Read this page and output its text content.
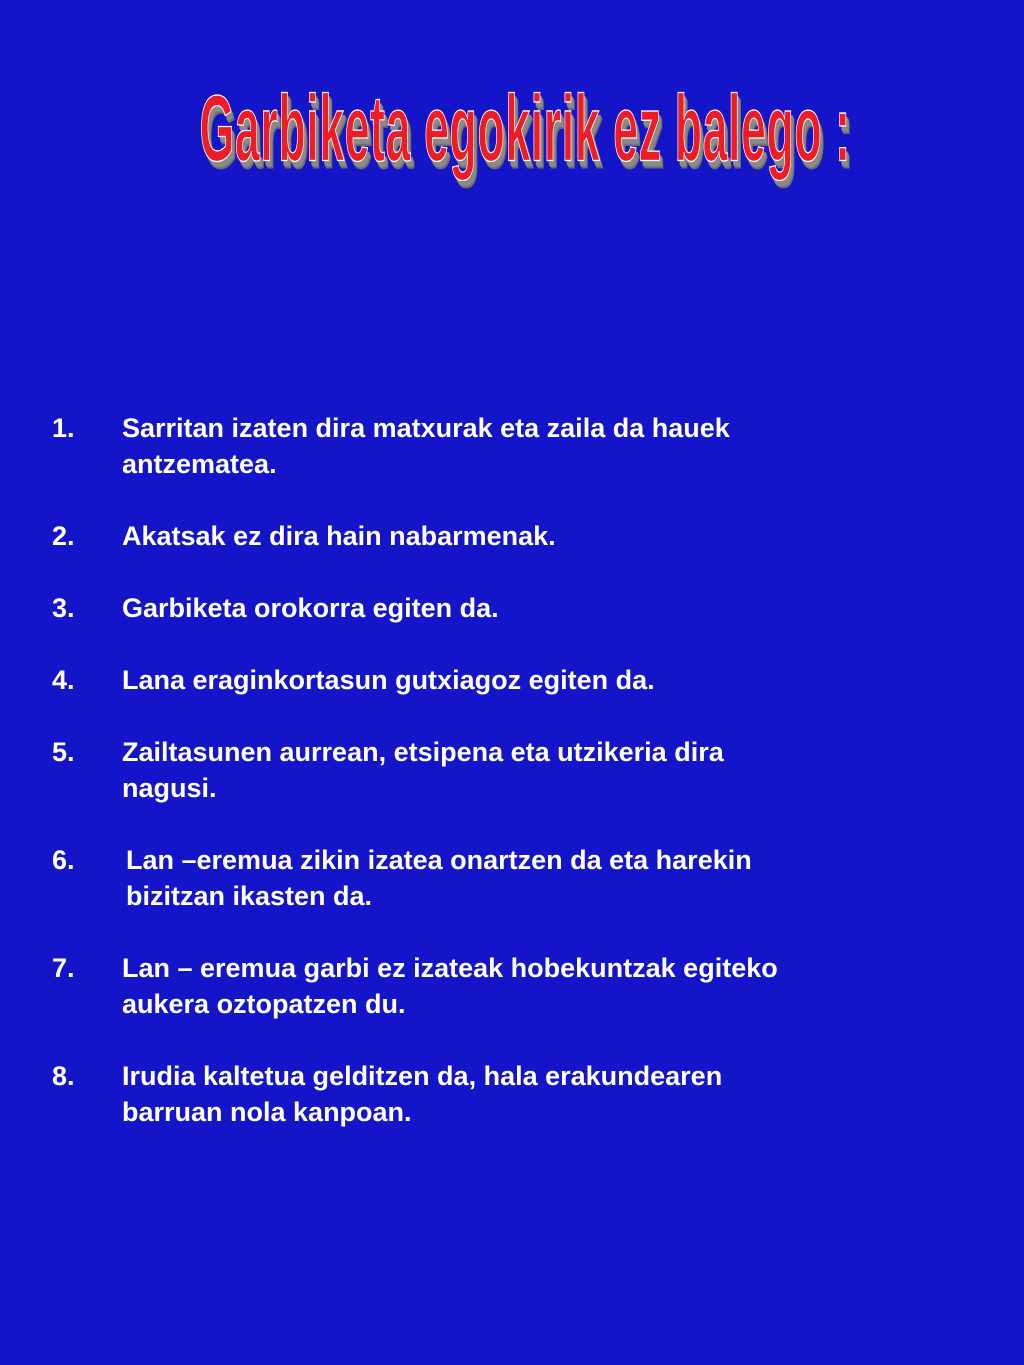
Garbiketa egokirik ez balego :
1.	Sarritan izaten dira matxurak eta zaila da hauek
antzematea.
2.	Akatsak ez dira hain nabarmenak.
3.	Garbiketa orokorra egiten da.
4.	Lana eraginkortasun gutxiagoz egiten da.
5.	Zailtasunen aurrean, etsipena eta utzikeria dira
nagusi.
6.	Lan –eremua zikin izatea onartzen da eta harekin
bizitzan ikasten da.
7.	Lan – eremua garbi ez izateak hobekuntzak egiteko
aukera oztopatzen du.
8.	Irudia kaltetua gelditzen da, hala erakundearen
barruan nola kanpoan.
